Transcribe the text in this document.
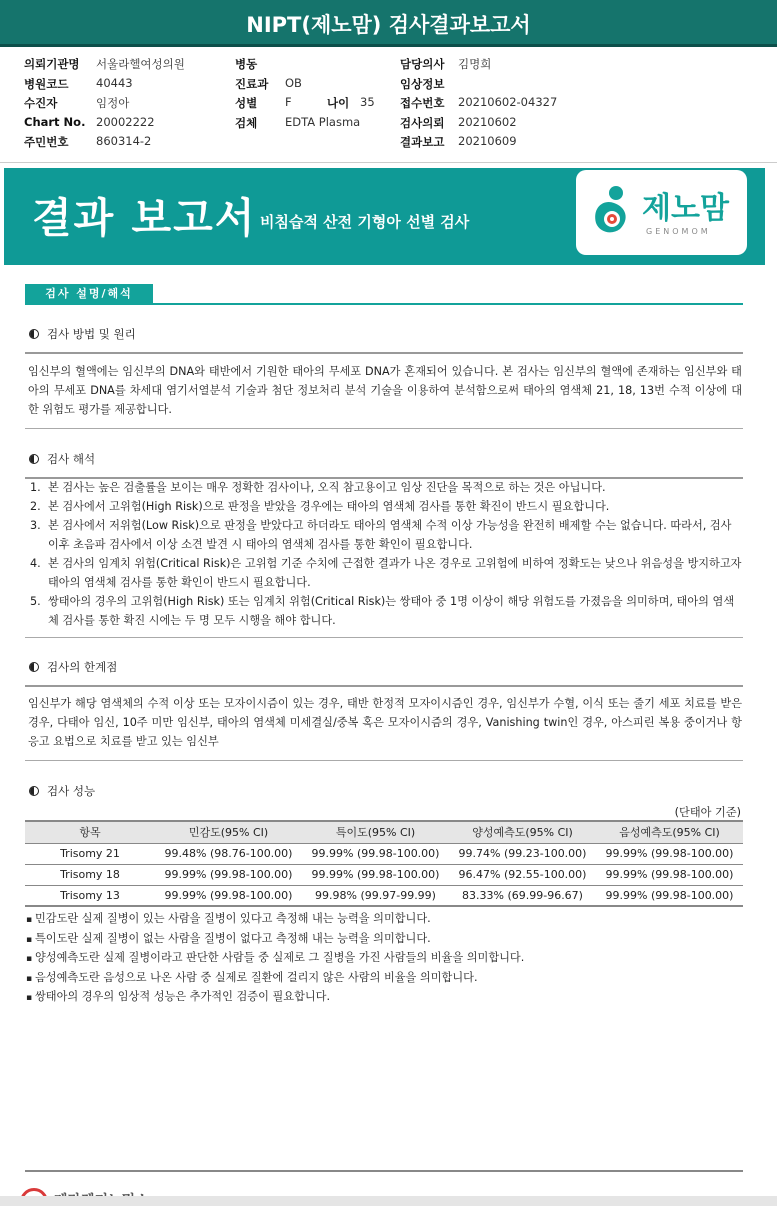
NIPT(제노맘) 검사결과보고서
의뢰기관명 서울라헬여성의원	병동	담당의사 김명희
병원코드 40443	진료과 OB	임상정보
수진자	임정아	성별 F	나이 35 접수번호 20210602-04327
Chart No. 20002222	검체 EDTA Plasma	검사의뢰 20210602
주민번호 860314-2	결과보고 20210609
결과 보고서 비침습적 산전 기형아 선별 검사	제노맘
GENOMOM
검사 설명/해석
검사 방법 및 원리
임신부의 혈액에는 임신부의 DNA와 태반에서 기원한 태아의 무세포 DNA가 혼재되어 있습니다. 본 검사는 임신부의 혈액에 존재하는 임신부와 태아의 무세포 DNA를 차세대 염기서열분석 기술과 첨단 정보처리 분석 기술을 이용하여 분석함으로써 태아의 염색체 21, 18, 13번 수적 이상에 대한 위험도 평가를 제공합니다.
검사 해석
1. 본 검사는 높은 검출률을 보이는 매우 정확한 검사이나, 오직 참고용이고 임상 진단을 목적으로 하는 것은 아닙니다.
2. 본 검사에서 고위험(High Risk)으로 판정을 받았을 경우에는 태아의 염색체 검사를 통한 확진이 반드시 필요합니다.
3. 본 검사에서 저위험(Low Risk)으로 판정을 받았다고 하더라도 태아의 염색체 수적 이상 가능성을 완전히 배제할 수는 없습니다. 따라서, 검사 이후 초음파 검사에서 이상 소견 발견 시 태아의 염색체 검사를 통한 확인이 필요합니다.
4. 본 검사의 임계치 위험(Critical Risk)은 고위험 기준 수치에 근접한 결과가 나온 경우로 고위험에 비하여 정확도는 낮으나 위음성을 방지하고자 태아의 염색체 검사를 통한 확인이 반드시 필요합니다.
5. 쌍태아의 경우의 고위험(High Risk) 또는 임계치 위험(Critical Risk)는 쌍태아 중 1명 이상이 해당 위험도를 가졌음을 의미하며, 태아의 염색체 검사를 통한 확진 시에는 두 명 모두 시행을 해야 합니다.
검사의 한계점
임신부가 해당 염색체의 수적 이상 또는 모자이시즘이 있는 경우, 태반 한정적 모자이시즘인 경우, 임신부가 수혈, 이식 또는 줄기 세포 치료를 받은 경우, 다태아 임신, 10주 미만 임신부, 태아의 염색체 미세결실/중복 혹은 모자이시즘의 경우, Vanishing twin인 경우, 아스피린 복용 중이거나 항 응고 요법으로 치료를 받고 있는 임신부
검사 성능
(단태아 기준)
항목	민감도(95% CI)	특이도(95% CI)	양성예측도(95% CI)	음성예측도(95% CI)
Trisomy 21	99.48% (98.76-100.00)	99.99% (99.98-100.00)	99.74% (99.23-100.00)	99.99% (99.98-100.00)
Trisomy 18	99.99% (99.98-100.00)	99.99% (99.98-100.00)	96.47% (92.55-100.00)	99.99% (99.98-100.00)
Trisomy 13	99.99% (99.98-100.00)	99.98% (99.97-99.99)	83.33% (69.99-96.67)	99.99% (99.98-100.00)
▪ 민감도란 실제 질병이 있는 사람을 질병이 있다고 측정해 내는 능력을 의미합니다.
▪ 특이도란 실제 질병이 없는 사람을 질병이 없다고 측정해 내는 능력을 의미합니다.
▪ 양성예측도란 실제 질병이라고 판단한 사람들 중 실제로 그 질병을 가진 사람들의 비율을 의미합니다.
▪ 음성예측도란 음성으로 나온 사람 중 실제로 질환에 걸리지 않은 사람의 비율을 의미합니다.
▪ 쌍태아의 경우의 임상적 성능은 추가적인 검증이 필요합니다.
